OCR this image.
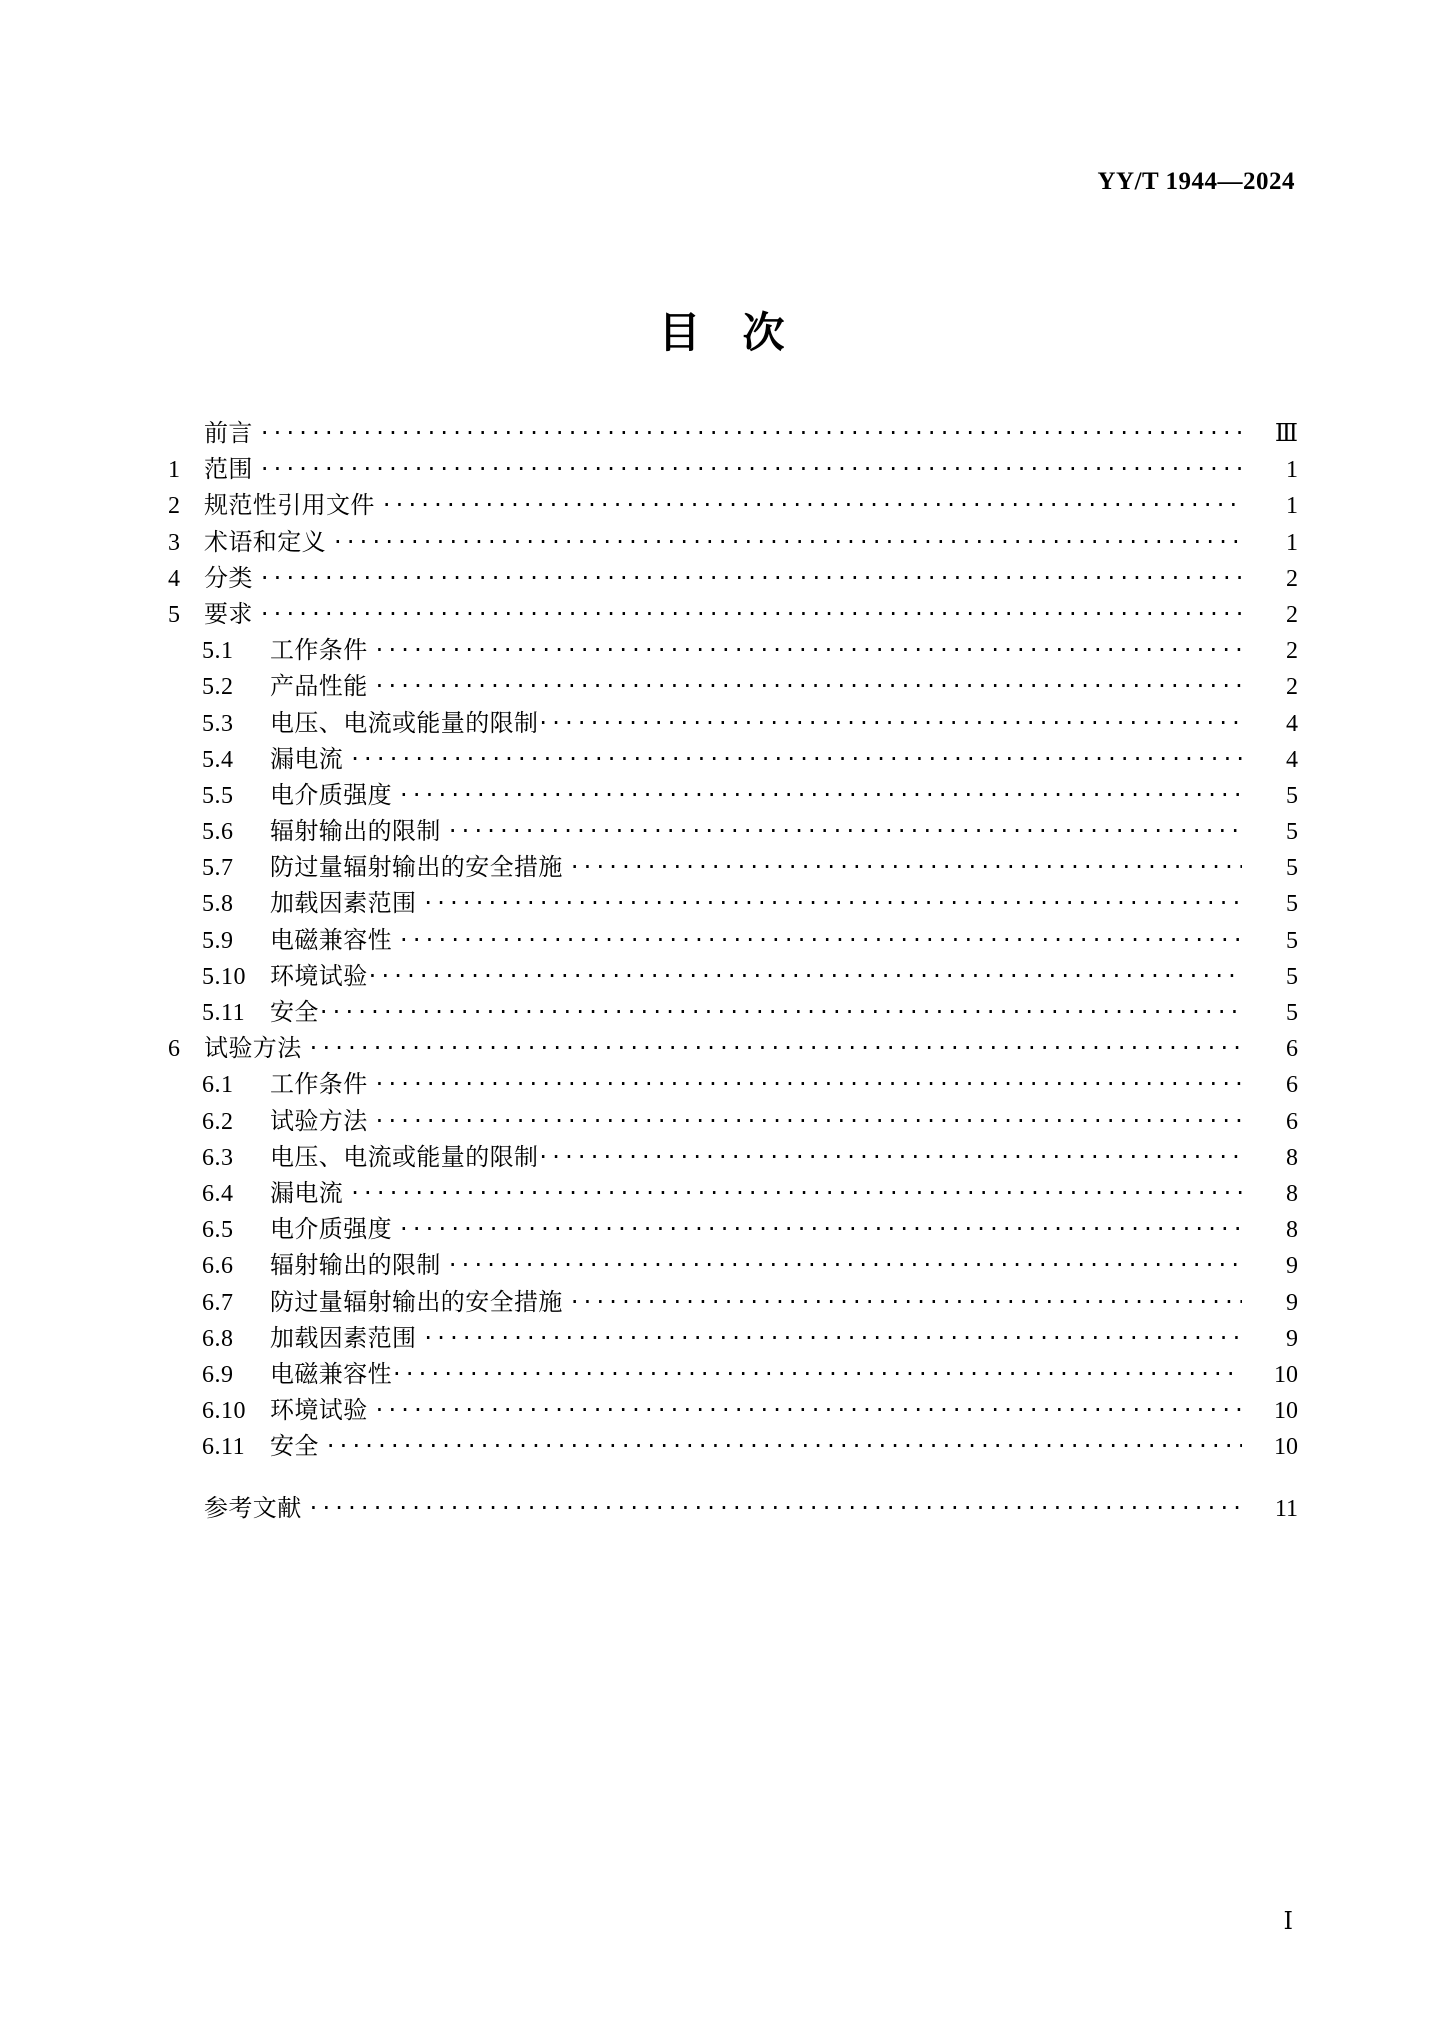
YY/T 1944—2024
目 次
前言 ·····	Ⅲ
1 范围 ·····	1
2 规范性引用文件 ·····	1
3 术语和定义 ·····	1
4 分类 ·····	2
5 要求 ·····	2
5.1	工作条件 ·····	2
5.2	产品性能 ·····	2
5.3	电压、电流或能量的限制 ·····	4
5.4	漏电流 ·····	4
5.5	电介质强度 ·····	5
5.6	辐射输出的限制 ·····	5
5.7	防过量辐射输出的安全措施 ·····	5
5.8	加载因素范围 ·····	5
5.9	电磁兼容性 ·····	5
5.10	环境试验 ·····	5
5.11	安全 ·····	5
6 试验方法 ·····	6
6.1	工作条件 ·····	6
6.2	试验方法 ·····	6
6.3	电压、电流或能量的限制 ·····	8
6.4	漏电流 ·····	8
6.5	电介质强度 ·····	8
6.6	辐射输出的限制 ·····	9
6.7	防过量辐射输出的安全措施 ·····	9
6.8	加载因素范围 ·····	9
6.9	电磁兼容性 ·····	10
6.10	环境试验 ·····	10
6.11	安全 ·····	10
参考文献 ·····	11
Ⅰ
